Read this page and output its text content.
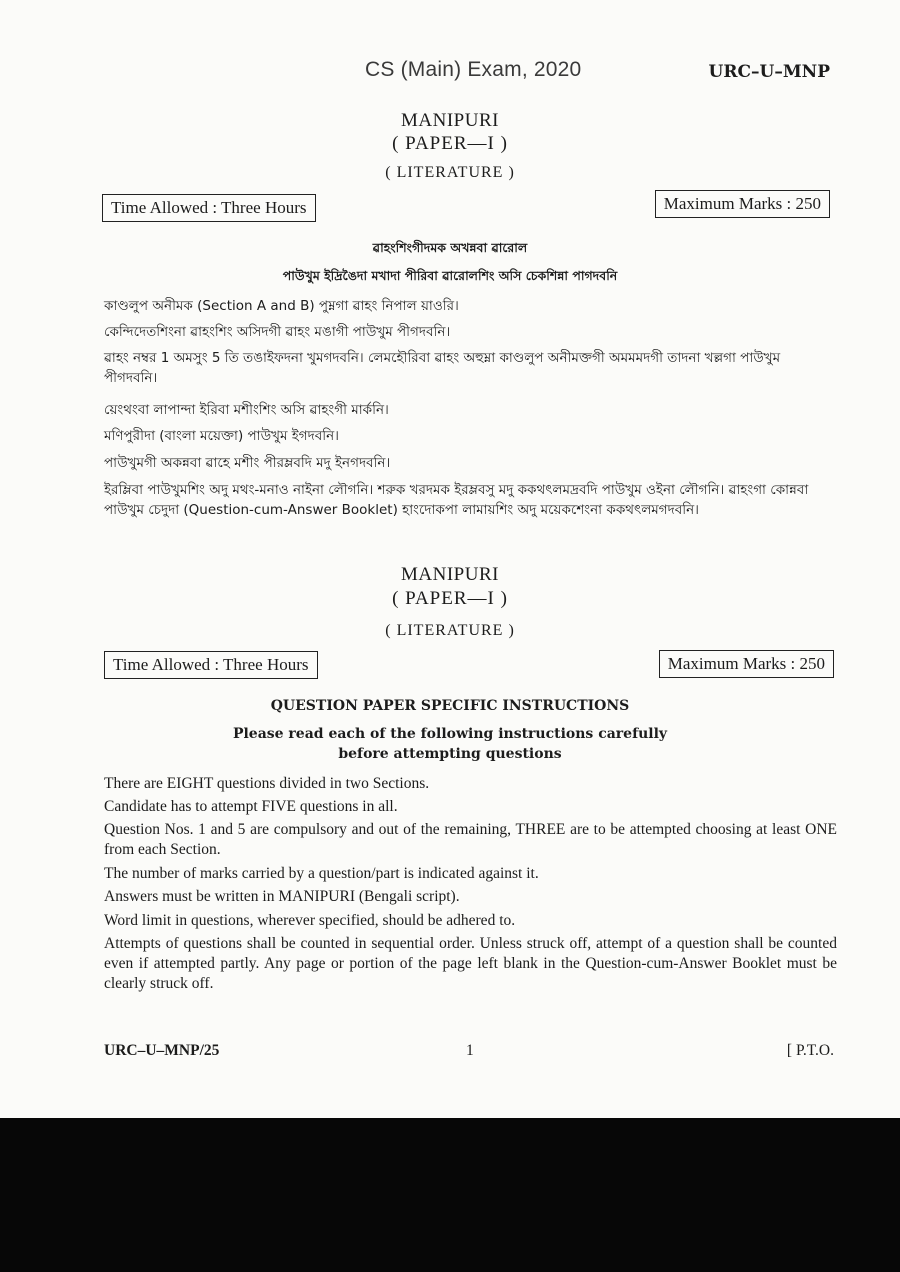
CS (Main) Exam, 2020	URC–U–MNP
MANIPURI
( PAPER—I )
( LITERATURE )
Time Allowed : Three Hours	Maximum Marks : 250
ৱাহংশিংগীদমক অখন্নবা ৱারোল
পাউখুম ইদ্রিঙৈদা মখাদা পীরিবা ৱারোলশিং অসি চেকশিন্না পাগদবনি
কাণ্ডলুপ অনীমক (Section A and B) পুম্নগা ৱাহং নিপাল য়াওরি।
কেন্দিদেতশিংনা ৱাহংশিং অসিদগী ৱাহং মঙাগী পাউখুম পীগদবনি।
ৱাহং নম্বর 1 অমসুং 5 তি তঙাইফদনা খুমগদবনি। লেমহৌরিবা ৱাহং অহুম্না কাণ্ডলুপ অনীমক্তগী অমমমদগী তাদনা খল্লগা পাউখুম পীগদবনি।
য়েংথংবা লাপান্দা ইরিবা মশীংশিং অসি ৱাহংগী মার্কনি।
মণিপুরীদা (বাংলা ময়েক্তা) পাউখুম ইগদবনি।
পাউখুমগী অকন্নবা ৱাহে মশীং পীরম্লবদি মদু ইনগদবনি।
ইরম্লিবা পাউখুমশিং অদু মথং-মনাও নাইনা লৌগনি। শরুক খরদমক ইরম্লবসু মদু ককথৎলমদ্রবদি পাউখুম ওইনা লৌগনি। ৱাহংগা কোন্নবা পাউখুম চেদুদা (Question-cum-Answer Booklet) হাংদোকপা লামায়শিং অদু ময়েকশেংনা ককথৎলমগদবনি।
MANIPURI
( PAPER—I )
( LITERATURE )
Time Allowed : Three Hours	Maximum Marks : 250
QUESTION PAPER SPECIFIC INSTRUCTIONS
Please read each of the following instructions carefully
before attempting questions
There are EIGHT questions divided in two Sections.
Candidate has to attempt FIVE questions in all.
Question Nos. 1 and 5 are compulsory and out of the remaining, THREE are to be attempted choosing at least ONE from each Section.
The number of marks carried by a question/part is indicated against it.
Answers must be written in MANIPURI (Bengali script).
Word limit in questions, wherever specified, should be adhered to.
Attempts of questions shall be counted in sequential order. Unless struck off, attempt of a question shall be counted even if attempted partly. Any page or portion of the page left blank in the Question-cum-Answer Booklet must be clearly struck off.
URC–U–MNP/25	1	[ P.T.O.
